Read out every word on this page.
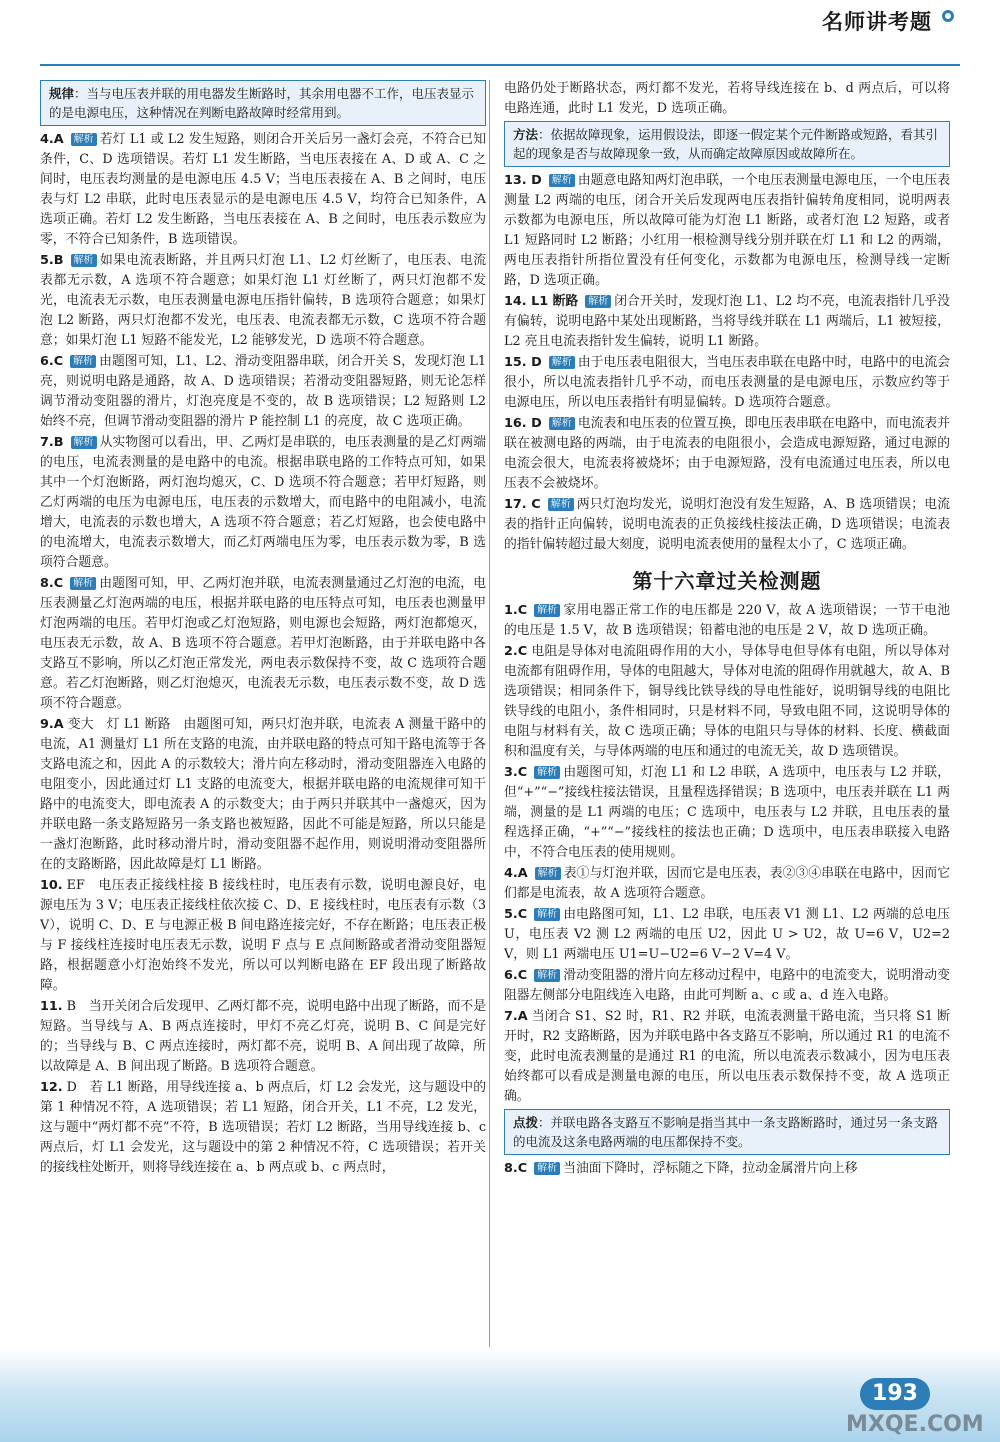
名师讲考题
规律：当与电压表并联的用电器发生断路时，其余用电器不工作，电压表显示的是电源电压，这种情况在判断电路故障时经常用到。
4.A 解析 若灯 L1 或 L2 发生短路，则闭合开关后另一盏灯会亮，不符合已知条件，C、D 选项错误。若灯 L1 发生断路，当电压表接在 A、D 或 A、C 之间时，电压表均测量的是电源电压 4.5 V；当电压表接在 A、B 之间时，电压表与灯 L2 串联，此时电压表显示的是电源电压 4.5 V，均符合已知条件，A 选项正确。若灯 L2 发生断路，当电压表接在 A、B 之间时，电压表示数应为零，不符合已知条件，B 选项错误。
5.B 解析 如果电流表断路，并且两只灯泡 L1、L2 灯丝断了，电压表、电流表都无示数，A 选项不符合题意；如果灯泡 L1 灯丝断了，两只灯泡都不发光，电流表无示数，电压表测量电源电压指针偏转，B 选项符合题意；如果灯泡 L2 断路，两只灯泡都不发光，电压表、电流表都无示数，C 选项不符合题意；如果灯泡 L1 短路不能发光，L2 能够发光，D 选项不符合题意。
6.C 解析 由题图可知，L1、L2、滑动变阻器串联，闭合开关 S，发现灯泡 L1 亮，则说明电路是通路，故 A、D 选项错误；若滑动变阻器短路，则无论怎样调节滑动变阻器的滑片，灯泡亮度是不变的，故 B 选项错误；L2 短路则 L2 始终不亮，但调节滑动变阻器的滑片 P 能控制 L1 的亮度，故 C 选项正确。
7.B 解析 从实物图可以看出，甲、乙两灯是串联的，电压表测量的是乙灯两端的电压，电流表测量的是电路中的电流。根据串联电路的工作特点可知，如果其中一个灯泡断路，两灯泡均熄灭，C、D 选项不符合题意；若甲灯短路，则乙灯两端的电压为电源电压，电压表的示数增大，而电路中的电阻减小，电流增大，电流表的示数也增大，A 选项不符合题意；若乙灯短路，也会使电路中的电流增大，电流表示数增大，而乙灯两端电压为零，电压表示数为零，B 选项符合题意。
8.C 解析 由题图可知，甲、乙两灯泡并联，电流表测量通过乙灯泡的电流，电压表测量乙灯泡两端的电压，根据并联电路的电压特点可知，电压表也测量甲灯泡两端的电压。若甲灯泡或乙灯泡短路，则电源也会短路，两灯泡都熄灭，电压表无示数，故 A、B 选项不符合题意。若甲灯泡断路，由于并联电路中各支路互不影响，所以乙灯泡正常发光，两电表示数保持不变，故 C 选项符合题意。若乙灯泡断路，则乙灯泡熄灭，电流表无示数，电压表示数不变，故 D 选项不符合题意。
9.A 变大　灯 L1 断路　由题图可知，两只灯泡并联，电流表 A 测量干路中的电流，A1 测量灯 L1 所在支路的电流，由并联电路的特点可知干路电流等于各支路电流之和，因此 A 的示数较大；滑片向左移动时，滑动变阻器连入电路的电阻变小，因此通过灯 L1 支路的电流变大，根据并联电路的电流规律可知干路中的电流变大，即电流表 A 的示数变大；由于两只并联其中一盏熄灭，因为并联电路一条支路短路另一条支路也被短路，因此不可能是短路，所以只能是一盏灯泡断路，此时移动滑片时，滑动变阻器不起作用，则说明滑动变阻器所在的支路断路，因此故障是灯 L1 断路。
10. EF　电压表正接线柱接 B 接线柱时，电压表有示数，说明电源良好，电源电压为 3 V；电压表正接线柱依次接 C、D、E 接线柱时，电压表有示数（3 V），说明 C、D、E 与电源正极 B 间电路连接完好，不存在断路；电压表正极与 F 接线柱连接时电压表无示数，说明 F 点与 E 点间断路或者滑动变阻器短路，根据题意小灯泡始终不发光，所以可以判断电路在 EF 段出现了断路故障。
11. B　当开关闭合后发现甲、乙两灯都不亮，说明电路中出现了断路，而不是短路。当导线与 A、B 两点连接时，甲灯不亮乙灯亮，说明 B、C 间是完好的；当导线与 B、C 两点连接时，两灯都不亮，说明 B、A 间出现了故障，所以故障是 A、B 间出现了断路。B 选项符合题意。
12. D　若 L1 断路，用导线连接 a、b 两点后，灯 L2 会发光，这与题设中的第 1 种情况不符，A 选项错误；若 L1 短路，闭合开关，L1 不亮，L2 发光，这与题中“两灯都不亮”不符，B 选项错误；若灯 L2 断路，当用导线连接 b、c 两点后，灯 L1 会发光，这与题设中的第 2 种情况不符，C 选项错误；若开关的接线柱处断开，则将导线连接在 a、b 两点或 b、c 两点时，
电路仍处于断路状态，两灯都不发光，若将导线连接在 b、d 两点后，可以将电路连通，此时 L1 发光，D 选项正确。
方法：依据故障现象，运用假设法，即逐一假定某个元件断路或短路，看其引起的现象是否与故障现象一致，从而确定故障原因或故障所在。
13. D 解析 由题意电路知两灯泡串联，一个电压表测量电源电压，一个电压表测量 L2 两端的电压，闭合开关后发现两电压表指针偏转角度相同，说明两表示数都为电源电压，所以故障可能为灯泡 L1 断路，或者灯泡 L2 短路，或者 L1 短路同时 L2 断路；小红用一根检测导线分别并联在灯 L1 和 L2 的两端，两电压表指针所指位置没有任何变化，示数都为电源电压，检测导线一定断路，D 选项正确。
14. L1 断路 解析 闭合开关时，发现灯泡 L1、L2 均不亮，电流表指针几乎没有偏转，说明电路中某处出现断路，当将导线并联在 L1 两端后，L1 被短接，L2 亮且电流表指针发生偏转，说明 L1 断路。
15. D 解析 由于电压表电阻很大，当电压表串联在电路中时，电路中的电流会很小，所以电流表指针几乎不动，而电压表测量的是电源电压，示数应约等于电源电压，所以电压表指针有明显偏转。D 选项符合题意。
16. D 解析 电流表和电压表的位置互换，即电压表串联在电路中，而电流表并联在被测电路的两端，由于电流表的电阻很小，会造成电源短路，通过电源的电流会很大，电流表将被烧坏；由于电源短路，没有电流通过电压表，所以电压表不会被烧坏。
17. C 解析 两只灯泡均发光，说明灯泡没有发生短路，A、B 选项错误；电流表的指针正向偏转，说明电流表的正负接线柱接法正确，D 选项错误；电流表的指针偏转超过最大刻度，说明电流表使用的量程太小了，C 选项正确。
第十六章过关检测题
1.C 解析 家用电器正常工作的电压都是 220 V，故 A 选项错误；一节干电池的电压是 1.5 V，故 B 选项错误；铅蓄电池的电压是 2 V，故 D 选项正确。
2.C 电阻是导体对电流阻碍作用的大小，导体导电但导体有电阻，所以导体对电流都有阻碍作用，导体的电阻越大，导体对电流的阻碍作用就越大，故 A、B 选项错误；相同条件下，铜导线比铁导线的导电性能好，说明铜导线的电阻比铁导线的电阻小，条件相同时，只是材料不同，导致电阻不同，这说明导体的电阻与材料有关，故 C 选项正确；导体的电阻只与导体的材料、长度、横截面积和温度有关，与导体两端的电压和通过的电流无关，故 D 选项错误。
3.C 解析 由题图可知，灯泡 L1 和 L2 串联，A 选项中，电压表与 L2 并联，但“+”“−”接线柱接法错误，且量程选择错误；B 选项中，电压表并联在 L1 两端，测量的是 L1 两端的电压；C 选项中，电压表与 L2 并联，且电压表的量程选择正确，“+”“−”接线柱的接法也正确；D 选项中，电压表串联接入电路中，不符合电压表的使用规则。
4.A 解析 表①与灯泡并联，因而它是电压表，表②③④串联在电路中，因而它们都是电流表，故 A 选项符合题意。
5.C 解析 由电路图可知，L1、L2 串联，电压表 V1 测 L1、L2 两端的总电压 U，电压表 V2 测 L2 两端的电压 U2，因此 U > U2，故 U=6 V，U2=2 V，则 L1 两端电压 U1=U−U2=6 V−2 V=4 V。
6.C 解析 滑动变阻器的滑片向左移动过程中，电路中的电流变大，说明滑动变阻器左侧部分电阻线连入电路，由此可判断 a、c 或 a、d 连入电路。
7.A 当闭合 S1、S2 时，R1、R2 并联，电流表测量干路电流，当只将 S1 断开时，R2 支路断路，因为并联电路中各支路互不影响，所以通过 R1 的电流不变，此时电流表测量的是通过 R1 的电流，所以电流表示数减小，因为电压表始终都可以看成是测量电源的电压，所以电压表示数保持不变，故 A 选项正确。
点拨：并联电路各支路互不影响是指当其中一条支路断路时，通过另一条支路的电流及这条电路两端的电压都保持不变。
8.C 解析 当油面下降时，浮标随之下降，拉动金属滑片向上移
193
MXQE.COM
